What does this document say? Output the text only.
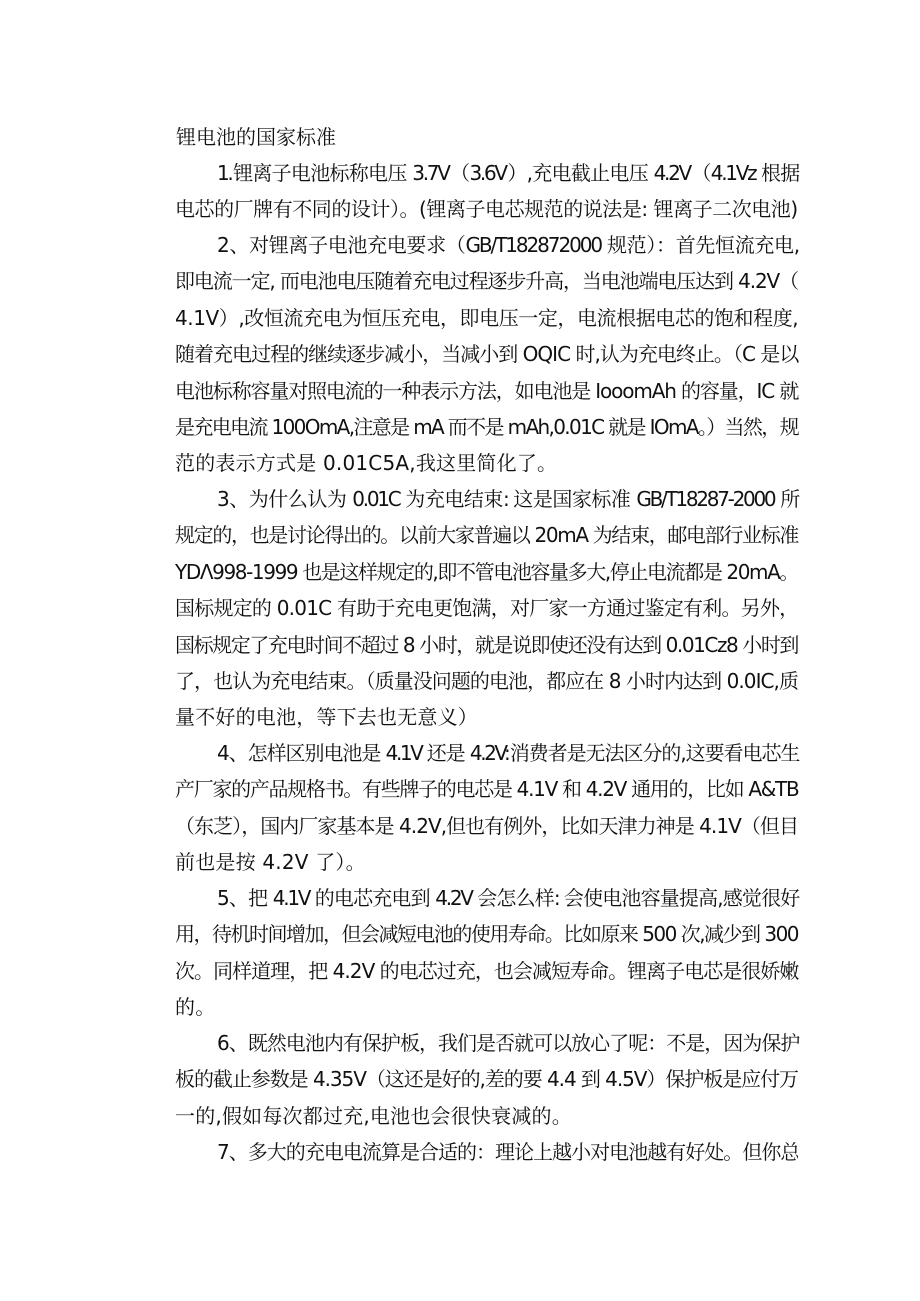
锂电池的国家标准
1.锂离子电池标称电压 3.7V（3.6V）,充电截止电压 4.2V（4.1Vz 根据
电芯的厂牌有不同的设计）。(锂离子电芯规范的说法是: 锂离子二次电池)
2、对锂离子电池充电要求（GB/T182872000 规范）：首先恒流充电,
即电流一定, 而电池电压随着充电过程逐步升高，当电池端电压达到 4.2V（
4.1V）,改恒流充电为恒压充电，即电压一定，电流根据电芯的饱和程度,
随着充电过程的继续逐步减小，当减小到 OQIC 时,认为充电终止。（C 是以
电池标称容量对照电流的一种表示方法，如电池是 IooomAh 的容量，IC 就
是充电电流 100OmA,注意是 mA 而不是 mAh,0.01C 就是 IOmA。）当然，规
范的表示方式是 0.01C5A,我这里简化了。
3、为什么认为 0.01C 为充电结束: 这是国家标准 GB/T18287-2000 所
规定的，也是讨论得出的。以前大家普遍以 20mA 为结束，邮电部行业标准
YDΛ998-1999 也是这样规定的,即不管电池容量多大,停止电流都是 20mA。
国标规定的 0.01C 有助于充电更饱满，对厂家一方通过鉴定有利。另外，
国标规定了充电时间不超过 8 小时，就是说即使还没有达到 0.01Cz8 小时到
了，也认为充电结束。（质量没问题的电池，都应在 8 小时内达到 0.0IC,质
量不好的电池，等下去也无意义）
4、怎样区别电池是 4.1V 还是 4.2V:消费者是无法区分的,这要看电芯生
产厂家的产品规格书。有些牌子的电芯是 4.1V 和 4.2V 通用的，比如 A&TB
（东芝），国内厂家基本是 4.2V,但也有例外，比如天津力神是 4.1V（但目
前也是按 4.2V 了）。
5、把 4.1V 的电芯充电到 4.2V 会怎么样: 会使电池容量提高,感觉很好
用，待机时间增加，但会减短电池的使用寿命。比如原来 500 次,减少到 300
次。同样道理，把 4.2V 的电芯过充，也会减短寿命。锂离子电芯是很娇嫩
的。
6、既然电池内有保护板，我们是否就可以放心了呢：不是，因为保护
板的截止参数是 4.35V（这还是好的,差的要 4.4 到 4.5V）保护板是应付万
一的,假如每次都过充,电池也会很快衰减的。
7、多大的充电电流算是合适的：理论上越小对电池越有好处。但你总
